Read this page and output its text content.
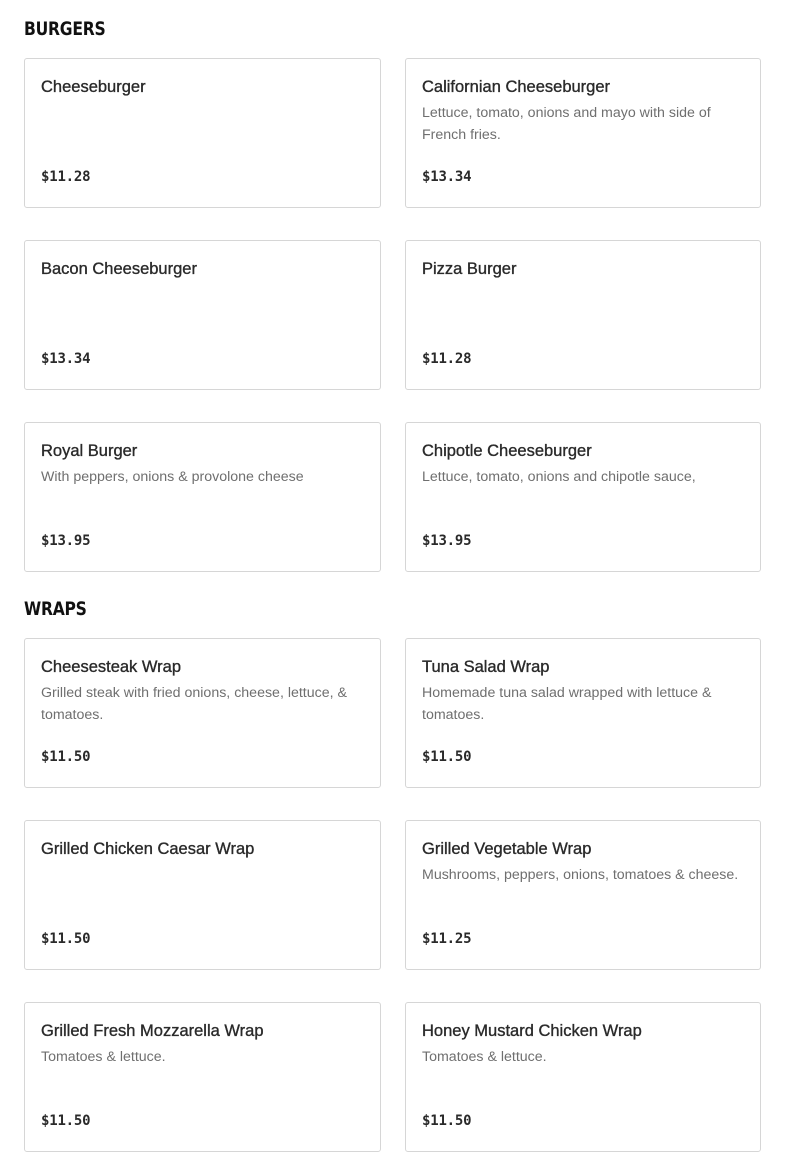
BURGERS
Cheeseburger
$11.28
Californian Cheeseburger
Lettuce, tomato, onions and mayo with side of French fries.
$13.34
Bacon Cheeseburger
$13.34
Pizza Burger
$11.28
Royal Burger
With peppers, onions & provolone cheese
$13.95
Chipotle Cheeseburger
Lettuce, tomato, onions and chipotle sauce,
$13.95
WRAPS
Cheesesteak Wrap
Grilled steak with fried onions, cheese, lettuce, & tomatoes.
$11.50
Tuna Salad Wrap
Homemade tuna salad wrapped with lettuce & tomatoes.
$11.50
Grilled Chicken Caesar Wrap
$11.50
Grilled Vegetable Wrap
Mushrooms, peppers, onions, tomatoes & cheese.
$11.25
Grilled Fresh Mozzarella Wrap
Tomatoes & lettuce.
$11.50
Honey Mustard Chicken Wrap
Tomatoes & lettuce.
$11.50
